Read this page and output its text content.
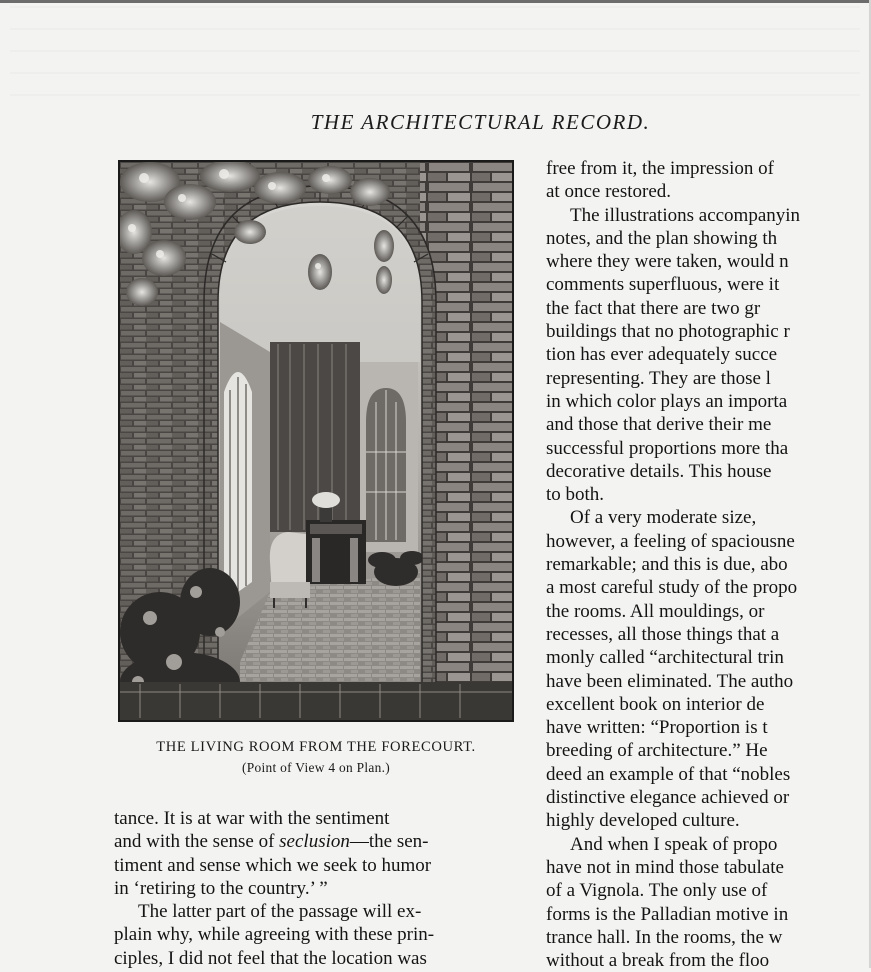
THE ARCHITECTURAL RECORD.
THE LIVING ROOM FROM THE FORECOURT.
(Point of View 4 on Plan.)
tance. It is at war with the sentiment
and with the sense of seclusion—the sen-
timent and sense which we seek to humor
in ‘retiring to the country.’ ”
The latter part of the passage will ex-
plain why, while agreeing with these prin-
ciples, I did not feel that the location was
free from it, the impression of
at once restored.
The illustrations accompanyin
notes, and the plan showing th
where they were taken, would n
comments superfluous, were it
the fact that there are two gr
buildings that no photographic r
tion has ever adequately succe
representing. They are those l
in which color plays an importa
and those that derive their me
successful proportions more tha
decorative details. This house
to both.
Of a very moderate size,
however, a feeling of spaciousne
remarkable; and this is due, abo
a most careful study of the propo
the rooms. All mouldings, or
recesses, all those things that a
monly called “architectural trin
have been eliminated. The autho
excellent book on interior de
have written: “Proportion is t
breeding of architecture.” He
deed an example of that “nobles
distinctive elegance achieved or
highly developed culture.
And when I speak of propo
have not in mind those tabulate
of a Vignola. The only use of
forms is the Palladian motive in
trance hall. In the rooms, the w
without a break from the floo
